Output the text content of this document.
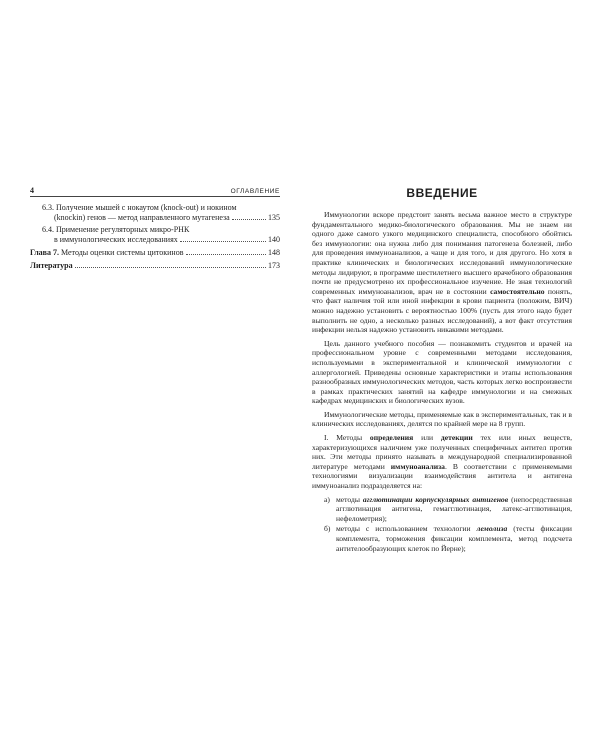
4	ОГЛАВЛЕНИЕ
6.3. Получение мышей с нокаутом (knock-out) и нокином
(knockin) генов — метод направленного мутагенеза	135
6.4. Применение регуляторных микро-РНК
в иммунологических исследованиях	140
Глава 7. Методы оценки системы цитокинов	148
Литература	173
ВВЕДЕНИЕ

Иммунологии вскоре предстоит занять весьма важное место в структуре фундаментального медико-биологического образования. Мы не знаем ни одного даже самого узкого медицинского специалиста, способного обойтись без иммунологии: она нужна либо для понимания патогенеза болезней, либо для проведения иммуноанализов, а чаще и для того, и для другого. Но хотя в практике клинических и биологических исследований иммунологические методы лидируют, в программе шестилетнего высшего врачебного образования почти не предусмотрено их профессиональное изучение. Не зная технологий современных иммуноанализов, врач не в состоянии самостоятельно понять, что факт наличия той или иной инфекции в крови пациента (положим, ВИЧ) можно надежно установить с вероятностью 100% (пусть для этого надо будет выполнить не одно, а несколько разных исследований), а вот факт отсутствия инфекции нельзя надежно установить никакими методами.

Цель данного учебного пособия — познакомить студентов и врачей на профессиональном уровне с современными методами исследования, используемыми в экспериментальной и клинической иммунологии с аллергологией. Приведены основные характеристики и этапы использования разнообразных иммунологических методов, часть которых легко воспроизвести в рамках практических занятий на кафедре иммунологии и на смежных кафедрах медицинских и биологических вузов.

Иммунологические методы, применяемые как в экспериментальных, так и в клинических исследованиях, делятся по крайней мере на 8 групп.

I. Методы определения или детекции тех или иных веществ, характеризующихся наличием уже полученных специфичных антител против них. Эти методы принято называть в международной специализированной литературе методами иммуноанализа. В соответствии с применяемыми технологиями визуализации взаимодействия антитела и антигена иммуноанализ подразделяется на:

а) методы агглютинации корпускулярных антигенов (непосредственная агглютинация антигена, гемагглютинация, латекс-агглютинация, нефелометрия);
б) методы с использованием технологии лемолиза (тесты фиксации комплемента, торможения фиксации комплемента, метод подсчета антителообразующих клеток по Йерне);
